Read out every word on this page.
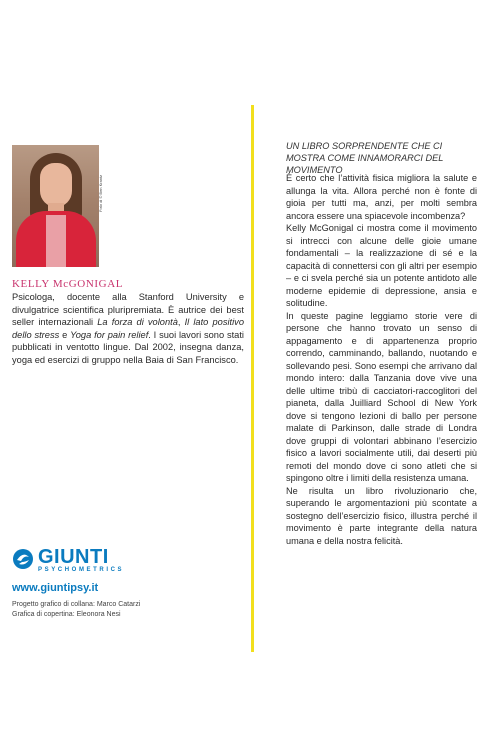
Foto di © Ben Krantz
KELLY McGONIGAL
Psicologa, docente alla Stanford University e divulgatrice scientifica pluripremiata. È autrice dei best seller internazionali La forza di volontà, Il lato positivo dello stress e Yoga for pain relief. I suoi lavori sono stati pubblicati in ventotto lingue. Dal 2002, insegna danza, yoga ed esercizi di gruppo nella Baia di San Francisco.
GIUNTI
PSYCHOMETRICS
www.giuntipsy.it
Progetto grafico di collana: Marco Catarzi
Grafica di copertina: Eleonora Nesi
UN LIBRO SORPRENDENTE CHE CI MOSTRA COME INNAMORARCI DEL MOVIMENTO

È certo che l’attività fisica migliora la salute e allunga la vita. Allora perché non è fonte di gioia per tutti ma, anzi, per molti sembra ancora essere una spiacevole incombenza?

Kelly McGonigal ci mostra come il movimento si intrecci con alcune delle gioie umane fondamentali – la realizzazione di sé e la capacità di connettersi con gli altri per esempio – e ci svela perché sia un potente antidoto alle moderne epidemie di depressione, ansia e solitudine.

In queste pagine leggiamo storie vere di persone che hanno trovato un senso di appagamento e di appartenenza proprio correndo, camminando, ballando, nuotando e sollevando pesi. Sono esempi che arrivano dal mondo intero: dalla Tanzania dove vive una delle ultime tribù di cacciatori-raccoglitori del pianeta, dalla Juilliard School di New York dove si tengono lezioni di ballo per persone malate di Parkinson, dalle strade di Londra dove gruppi di volontari abbinano l’esercizio fisico a lavori socialmente utili, dai deserti più remoti del mondo dove ci sono atleti che si spingono oltre i limiti della resistenza umana.

Ne risulta un libro rivoluzionario che, superando le argomentazioni più scontate a sostegno dell’esercizio fisico, illustra perché il movimento è parte integrante della natura umana e della nostra felicità.
